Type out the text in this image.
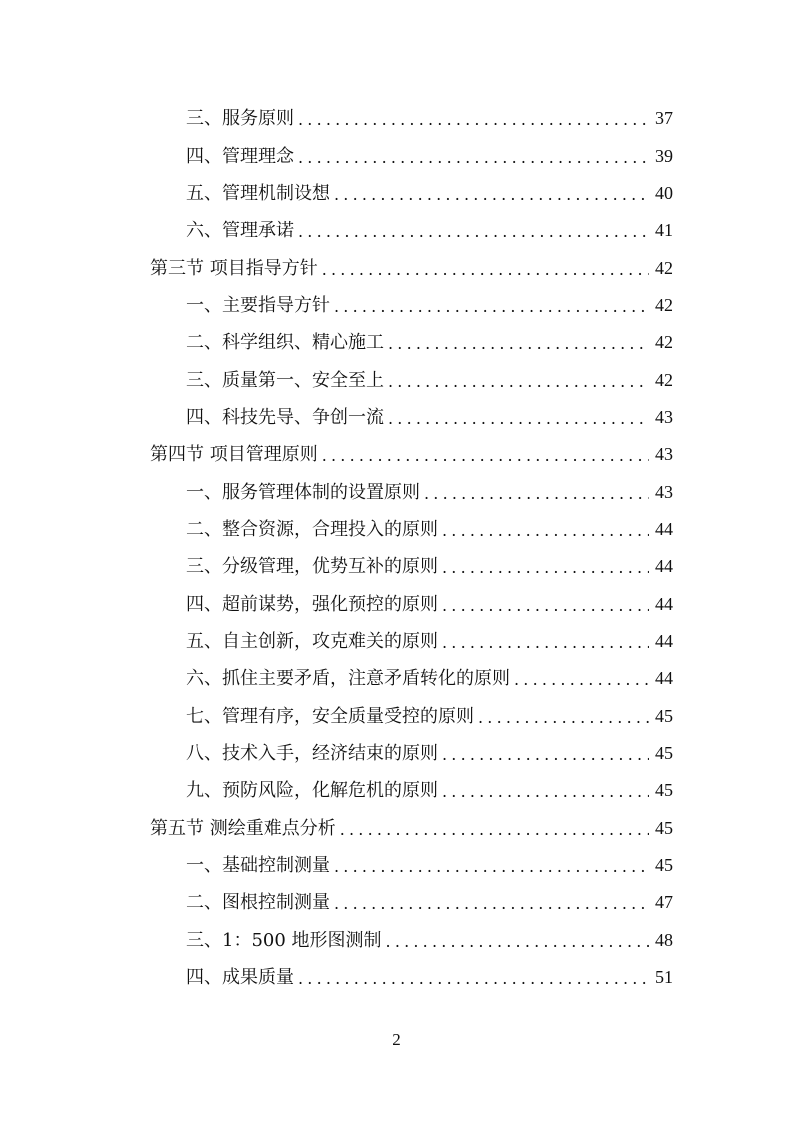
三、服务原则 .....	37
四、管理理念 .....	39
五、管理机制设想 .....	40
六、管理承诺 .....	41
第三节 项目指导方针 .....	42
一、主要指导方针 .....	42
二、科学组织、精心施工 .....	42
三、质量第一、安全至上 .....	42
四、科技先导、争创一流 .....	43
第四节 项目管理原则 .....	43
一、服务管理体制的设置原则 .....	43
二、整合资源，合理投入的原则 .....	44
三、分级管理，优势互补的原则 .....	44
四、超前谋势，强化预控的原则 .....	44
五、自主创新，攻克难关的原则 .....	44
六、抓住主要矛盾，注意矛盾转化的原则 .....	44
七、管理有序，安全质量受控的原则 .....	45
八、技术入手，经济结束的原则 .....	45
九、预防风险，化解危机的原则 .....	45
第五节 测绘重难点分析 .....	45
一、基础控制测量 .....	45
二、图根控制测量 .....	47
三、1：500 地形图测制 .....	48
四、成果质量 .....	51
2
